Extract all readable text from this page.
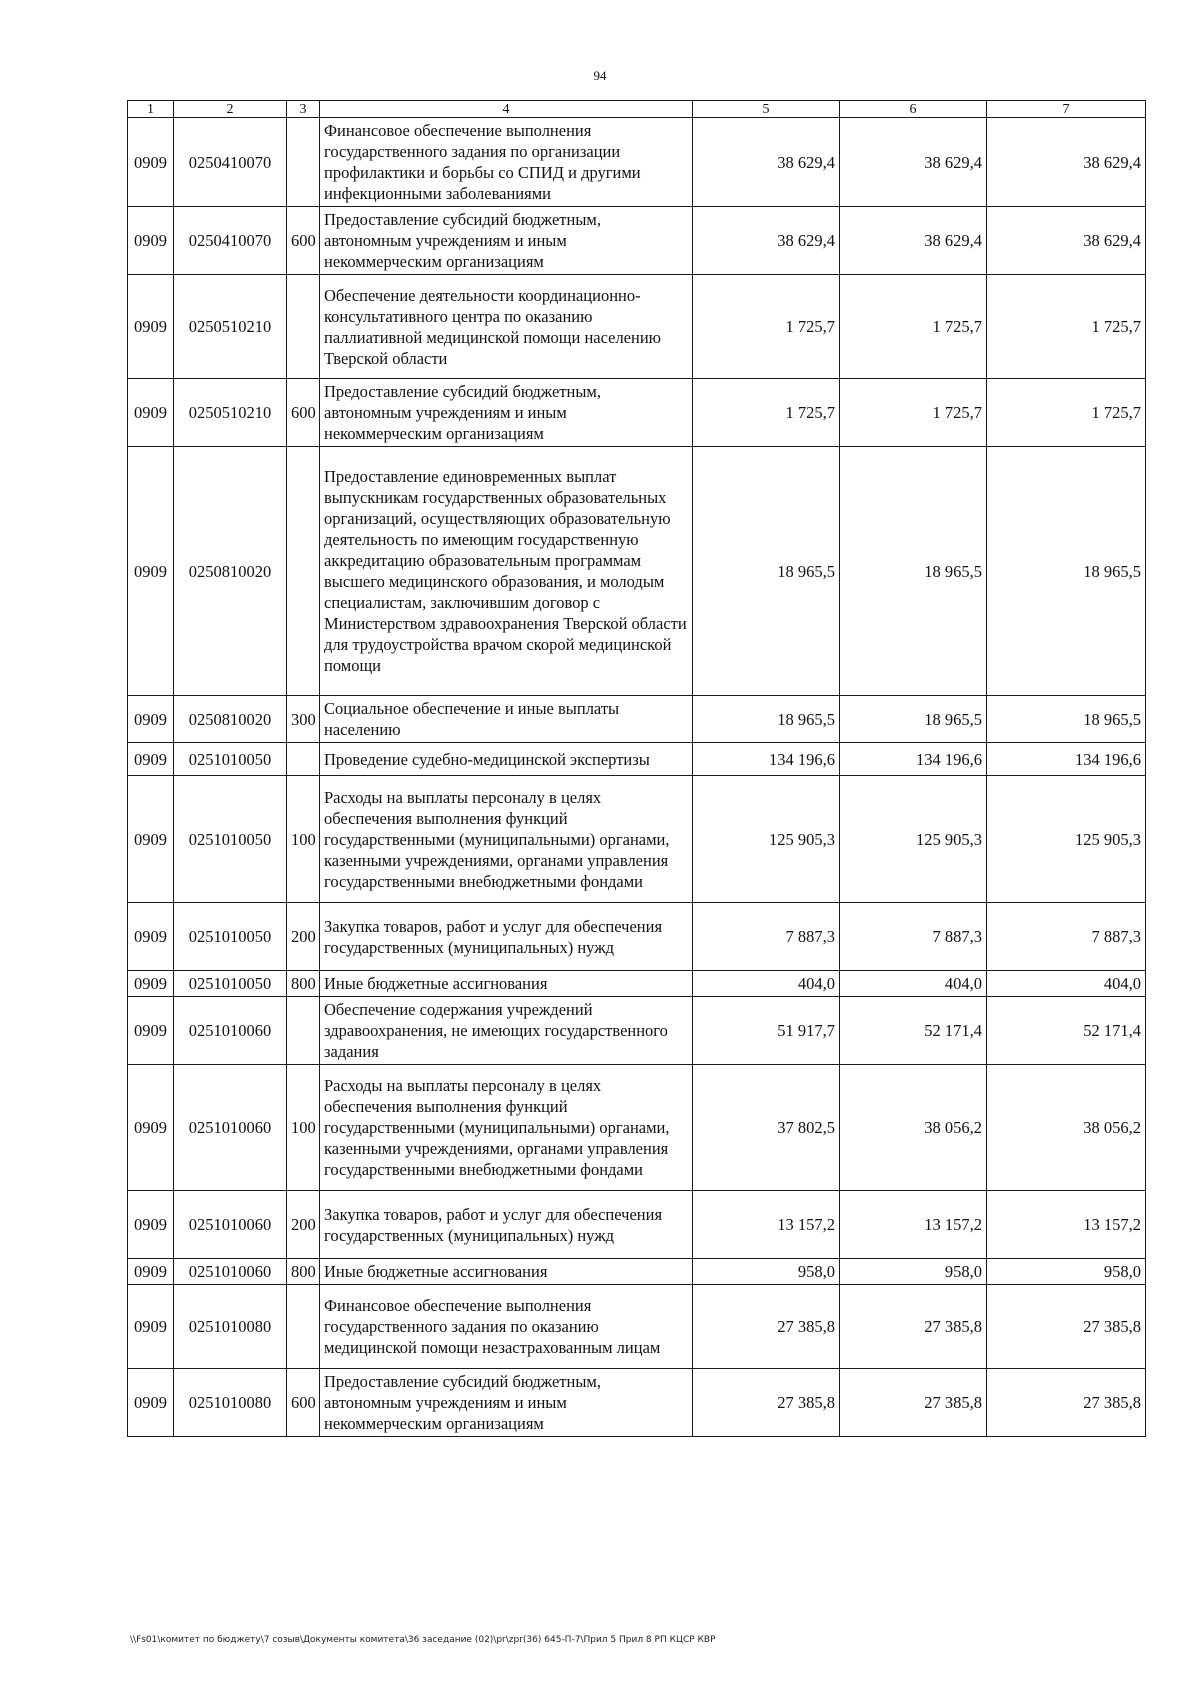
94
1	2	3	4	5	6	7
0909	0250410070		Финансовое обеспечение выполнения государственного задания по организации профилактики и борьбы со СПИД и другими инфекционными заболеваниями	38 629,4	38 629,4	38 629,4
0909	0250410070	600	Предоставление субсидий бюджетным, автономным учреждениям и иным некоммерческим организациям	38 629,4	38 629,4	38 629,4
0909	0250510210		Обеспечение деятельности координационно-консультативного центра по оказанию паллиативной медицинской помощи населению Тверской области	1 725,7	1 725,7	1 725,7
0909	0250510210	600	Предоставление субсидий бюджетным, автономным учреждениям и иным некоммерческим организациям	1 725,7	1 725,7	1 725,7
0909	0250810020		Предоставление единовременных выплат выпускникам государственных образовательных организаций, осуществляющих образовательную деятельность по имеющим государственную аккредитацию образовательным программам высшего медицинского образования, и молодым специалистам, заключившим договор с Министерством здравоохранения Тверской области для трудоустройства врачом скорой медицинской помощи	18 965,5	18 965,5	18 965,5
0909	0250810020	300	Социальное обеспечение и иные выплаты населению	18 965,5	18 965,5	18 965,5
0909	0251010050		Проведение судебно-медицинской экспертизы	134 196,6	134 196,6	134 196,6
0909	0251010050	100	Расходы на выплаты персоналу в целях обеспечения выполнения функций государственными (муниципальными) органами, казенными учреждениями, органами управления государственными внебюджетными фондами	125 905,3	125 905,3	125 905,3
0909	0251010050	200	Закупка товаров, работ и услуг для обеспечения государственных (муниципальных) нужд	7 887,3	7 887,3	7 887,3
0909	0251010050	800	Иные бюджетные ассигнования	404,0	404,0	404,0
0909	0251010060		Обеспечение содержания учреждений здравоохранения, не имеющих государственного задания	51 917,7	52 171,4	52 171,4
0909	0251010060	100	Расходы на выплаты персоналу в целях обеспечения выполнения функций государственными (муниципальными) органами, казенными учреждениями, органами управления государственными внебюджетными фондами	37 802,5	38 056,2	38 056,2
0909	0251010060	200	Закупка товаров, работ и услуг для обеспечения государственных (муниципальных) нужд	13 157,2	13 157,2	13 157,2
0909	0251010060	800	Иные бюджетные ассигнования	958,0	958,0	958,0
0909	0251010080		Финансовое обеспечение выполнения государственного задания по оказанию медицинской помощи незастрахованным лицам	27 385,8	27 385,8	27 385,8
0909	0251010080	600	Предоставление субсидий бюджетным, автономным учреждениям и иным некоммерческим организациям	27 385,8	27 385,8	27 385,8
\\Fs01\комитет по бюджету\7 созыв\Документы комитета\36 заседание (02)\pr\zpr(36) 645-П-7\Прил 5 Прил 8 РП КЦСР КВР
